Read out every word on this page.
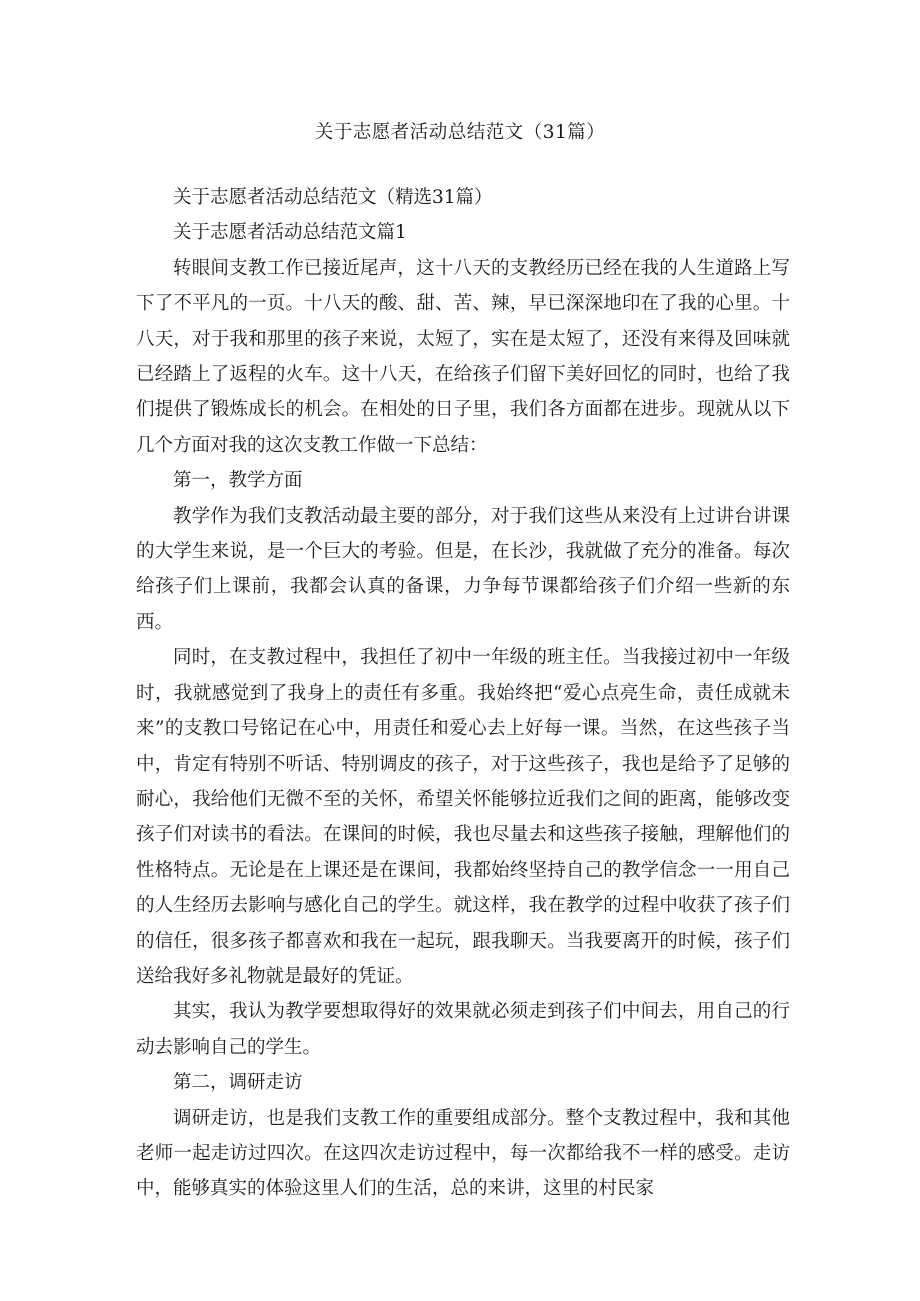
关于志愿者活动总结范文（31篇）

关于志愿者活动总结范文（精选31篇）

关于志愿者活动总结范文篇1

转眼间支教工作已接近尾声，这十八天的支教经历已经在我的人生道路上写下了不平凡的一页。十八天的酸、甜、苦、辣，早已深深地印在了我的心里。十八天，对于我和那里的孩子来说，太短了，实在是太短了，还没有来得及回味就已经踏上了返程的火车。这十八天，在给孩子们留下美好回忆的同时，也给了我们提供了锻炼成长的机会。在相处的日子里，我们各方面都在进步。现就从以下几个方面对我的这次支教工作做一下总结：

第一，教学方面

教学作为我们支教活动最主要的部分，对于我们这些从来没有上过讲台讲课的大学生来说，是一个巨大的考验。但是，在长沙，我就做了充分的准备。每次给孩子们上课前，我都会认真的备课，力争每节课都给孩子们介绍一些新的东西。

同时，在支教过程中，我担任了初中一年级的班主任。当我接过初中一年级时，我就感觉到了我身上的责任有多重。我始终把“爱心点亮生命，责任成就未来”的支教口号铭记在心中，用责任和爱心去上好每一课。当然，在这些孩子当中，肯定有特别不听话、特别调皮的孩子，对于这些孩子，我也是给予了足够的耐心，我给他们无微不至的关怀，希望关怀能够拉近我们之间的距离，能够改变孩子们对读书的看法。在课间的时候，我也尽量去和这些孩子接触，理解他们的性格特点。无论是在上课还是在课间，我都始终坚持自己的教学信念一一用自己的人生经历去影响与感化自己的学生。就这样，我在教学的过程中收获了孩子们的信任，很多孩子都喜欢和我在一起玩，跟我聊天。当我要离开的时候，孩子们送给我好多礼物就是最好的凭证。

其实，我认为教学要想取得好的效果就必须走到孩子们中间去，用自己的行动去影响自己的学生。

第二，调研走访

调研走访，也是我们支教工作的重要组成部分。整个支教过程中，我和其他老师一起走访过四次。在这四次走访过程中，每一次都给我不一样的感受。走访中，能够真实的体验这里人们的生活，总的来讲，这里的村民家
